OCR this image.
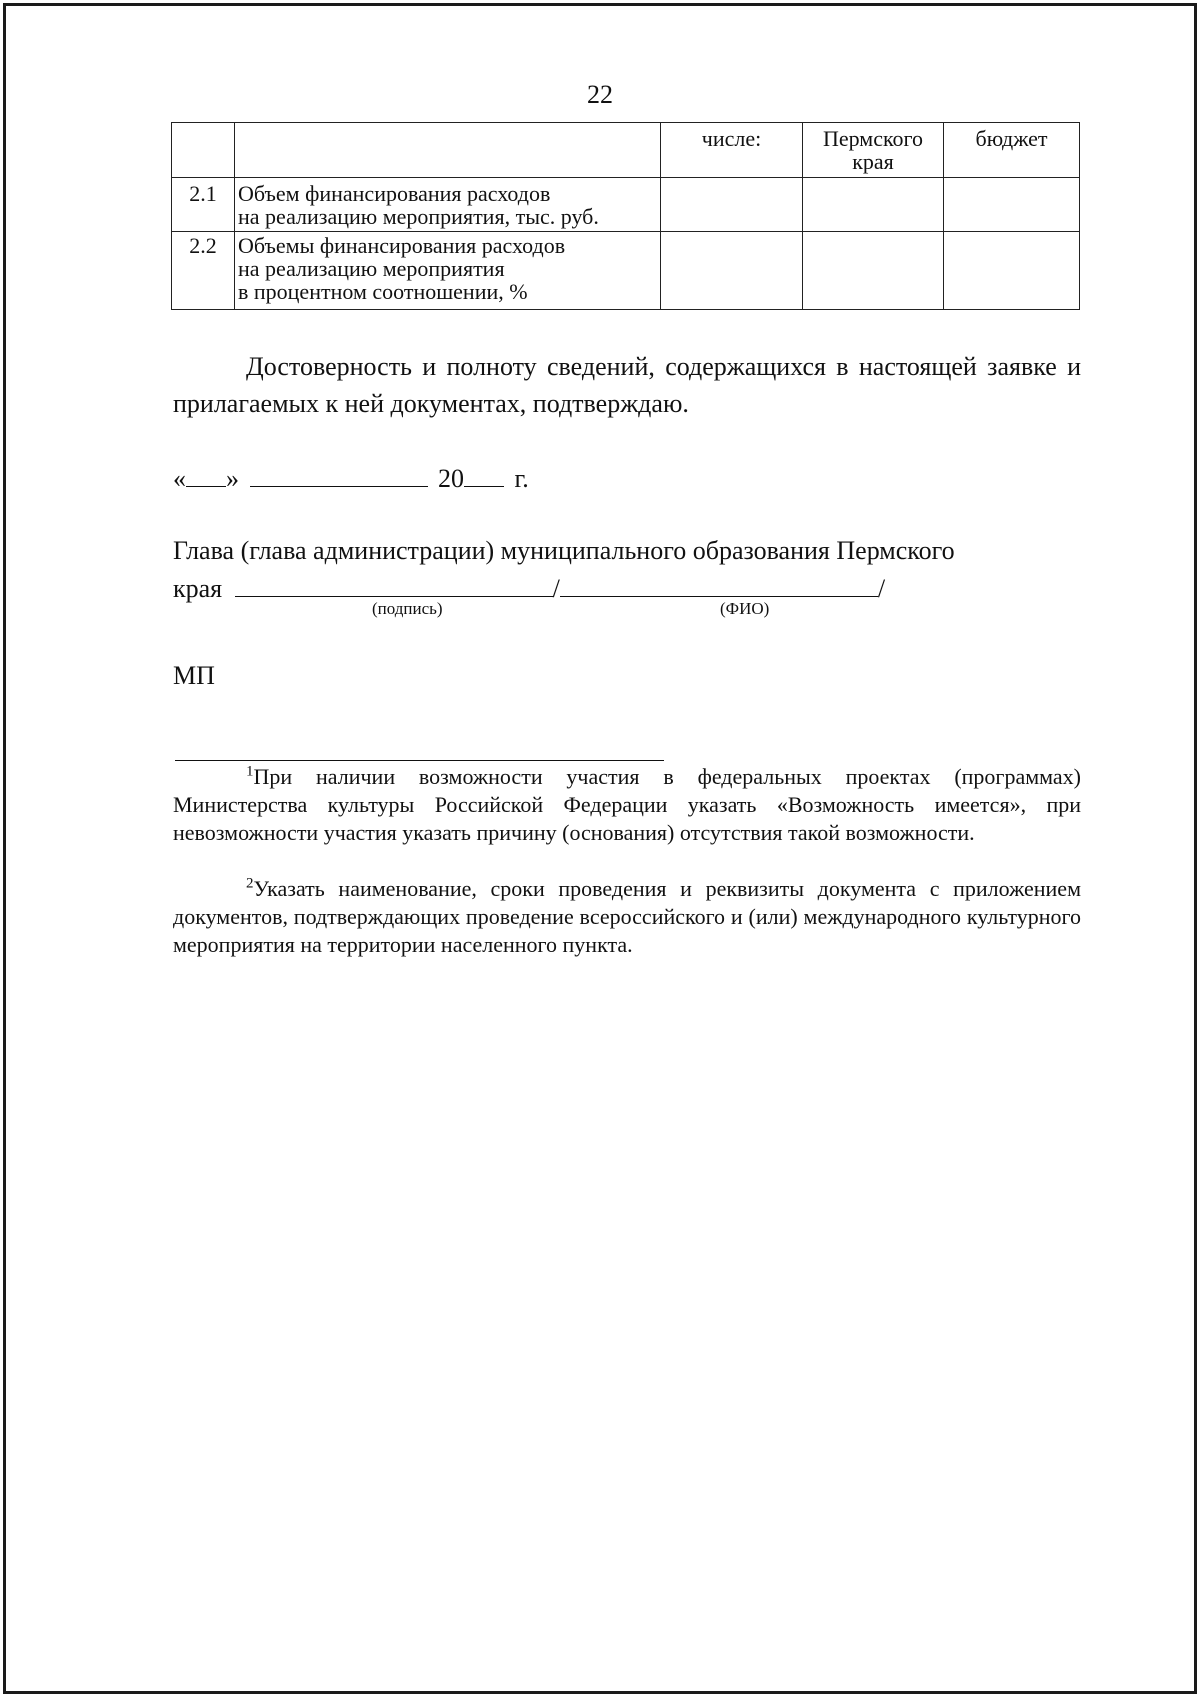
22
		числе:	Пермского края	бюджет
2.1	Объем финансирования расходов
на реализацию мероприятия, тыс. руб.			

2.2	Объемы финансирования расходов
на реализацию мероприятия
в процентном соотношении, %			

Достоверность и полноту сведений, содержащихся в настоящей заявке и прилагаемых к ней документах, подтверждаю.
« »	20 г.
Глава (глава администрации) муниципального образования Пермского
края	/	/
(подпись)	(ФИО)
МП
$^1$При наличии возможности участия в федеральных проектах (программах) Министерства культуры Российской Федерации указать «Возможность имеется», при невозможности участия указать причину (основания) отсутствия такой возможности.
$^2$Указать наименование, сроки проведения и реквизиты документа с приложением документов, подтверждающих проведение всероссийского и (или) международного культурного мероприятия на территории населенного пункта.
